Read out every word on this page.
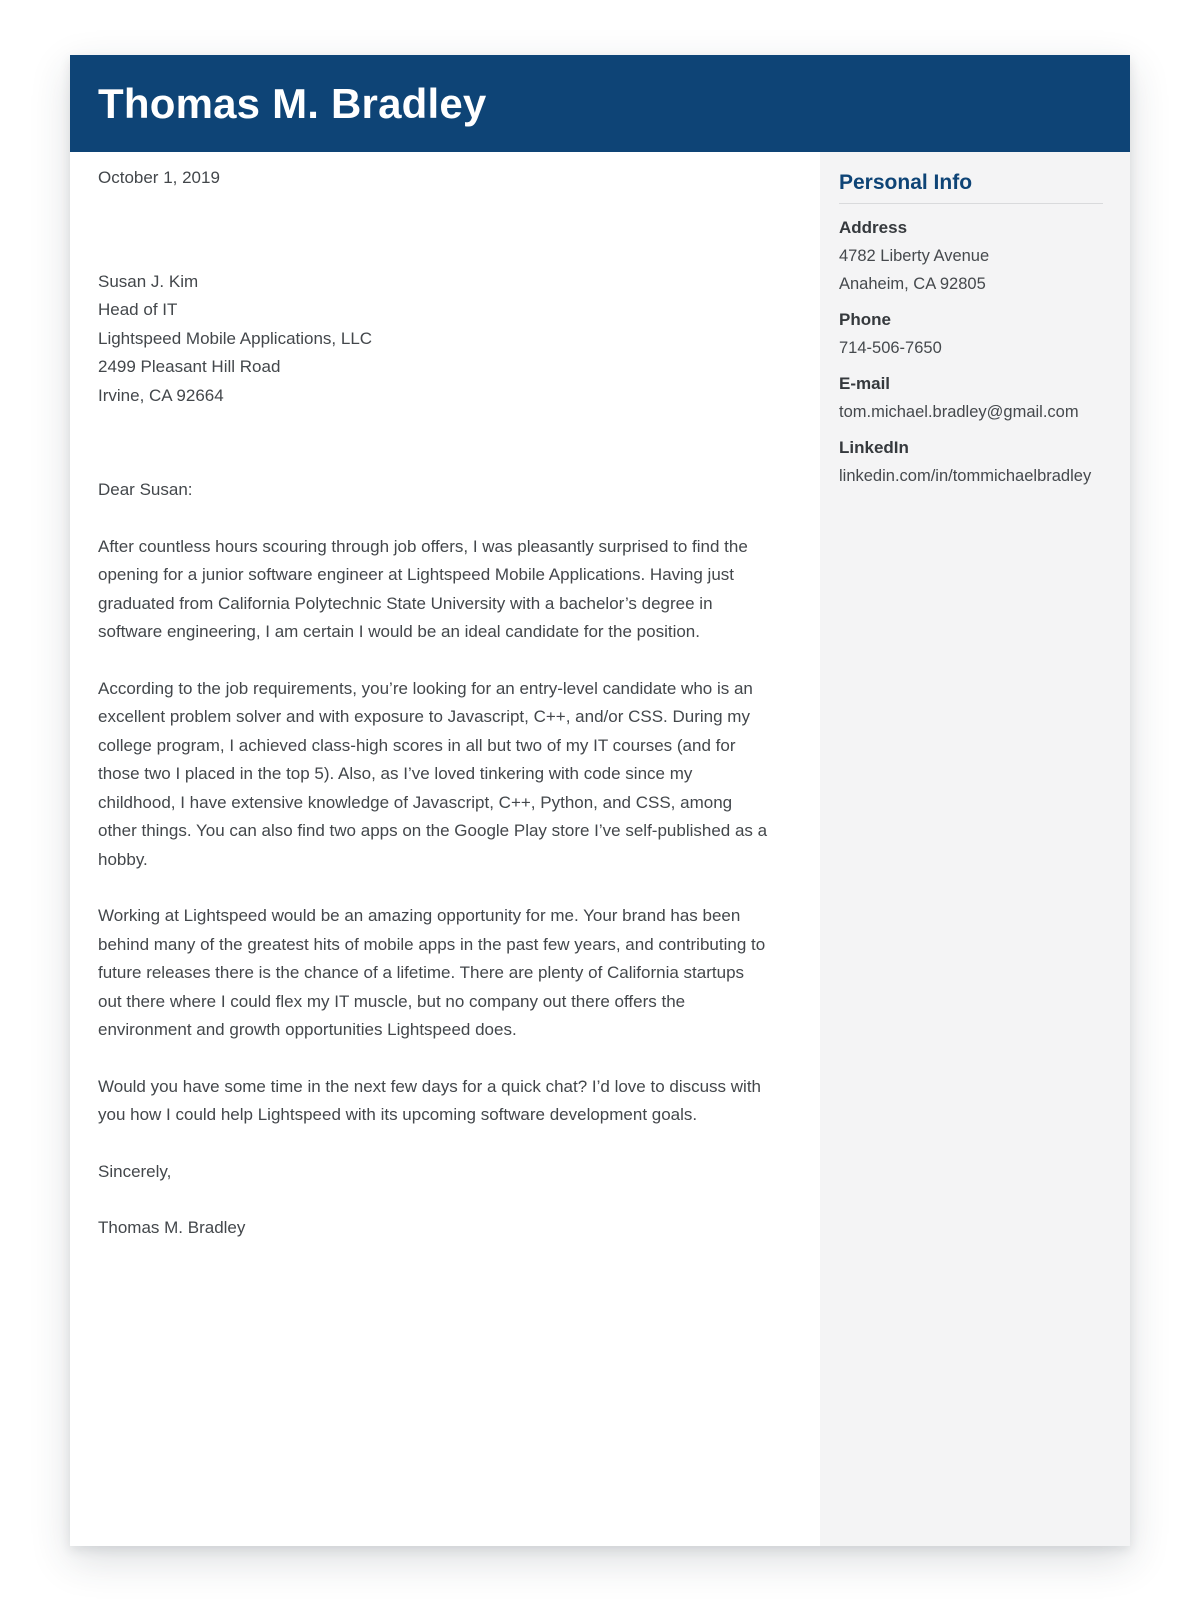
Thomas M. Bradley

October 1, 2019

Susan J. Kim
Head of IT
Lightspeed Mobile Applications, LLC
2499 Pleasant Hill Road
Irvine, CA 92664

Dear Susan:

After countless hours scouring through job offers, I was pleasantly surprised to find the opening for a junior software engineer at Lightspeed Mobile Applications. Having just graduated from California Polytechnic State University with a bachelor’s degree in software engineering, I am certain I would be an ideal candidate for the position.

According to the job requirements, you’re looking for an entry-level candidate who is an excellent problem solver and with exposure to Javascript, C++, and/or CSS. During my college program, I achieved class-high scores in all but two of my IT courses (and for those two I placed in the top 5). Also, as I’ve loved tinkering with code since my childhood, I have extensive knowledge of Javascript, C++, Python, and CSS, among other things. You can also find two apps on the Google Play store I’ve self-published as a hobby.

Working at Lightspeed would be an amazing opportunity for me. Your brand has been behind many of the greatest hits of mobile apps in the past few years, and contributing to future releases there is the chance of a lifetime. There are plenty of California startups out there where I could flex my IT muscle, but no company out there offers the environment and growth opportunities Lightspeed does.

Would you have some time in the next few days for a quick chat? I’d love to discuss with you how I could help Lightspeed with its upcoming software development goals.

Sincerely,

Thomas M. Bradley

Personal Info
Address
4782 Liberty Avenue
Anaheim, CA 92805
Phone
714-506-7650
E-mail
tom.michael.bradley@gmail.com
LinkedIn
linkedin.com/in/tommichaelbradley
